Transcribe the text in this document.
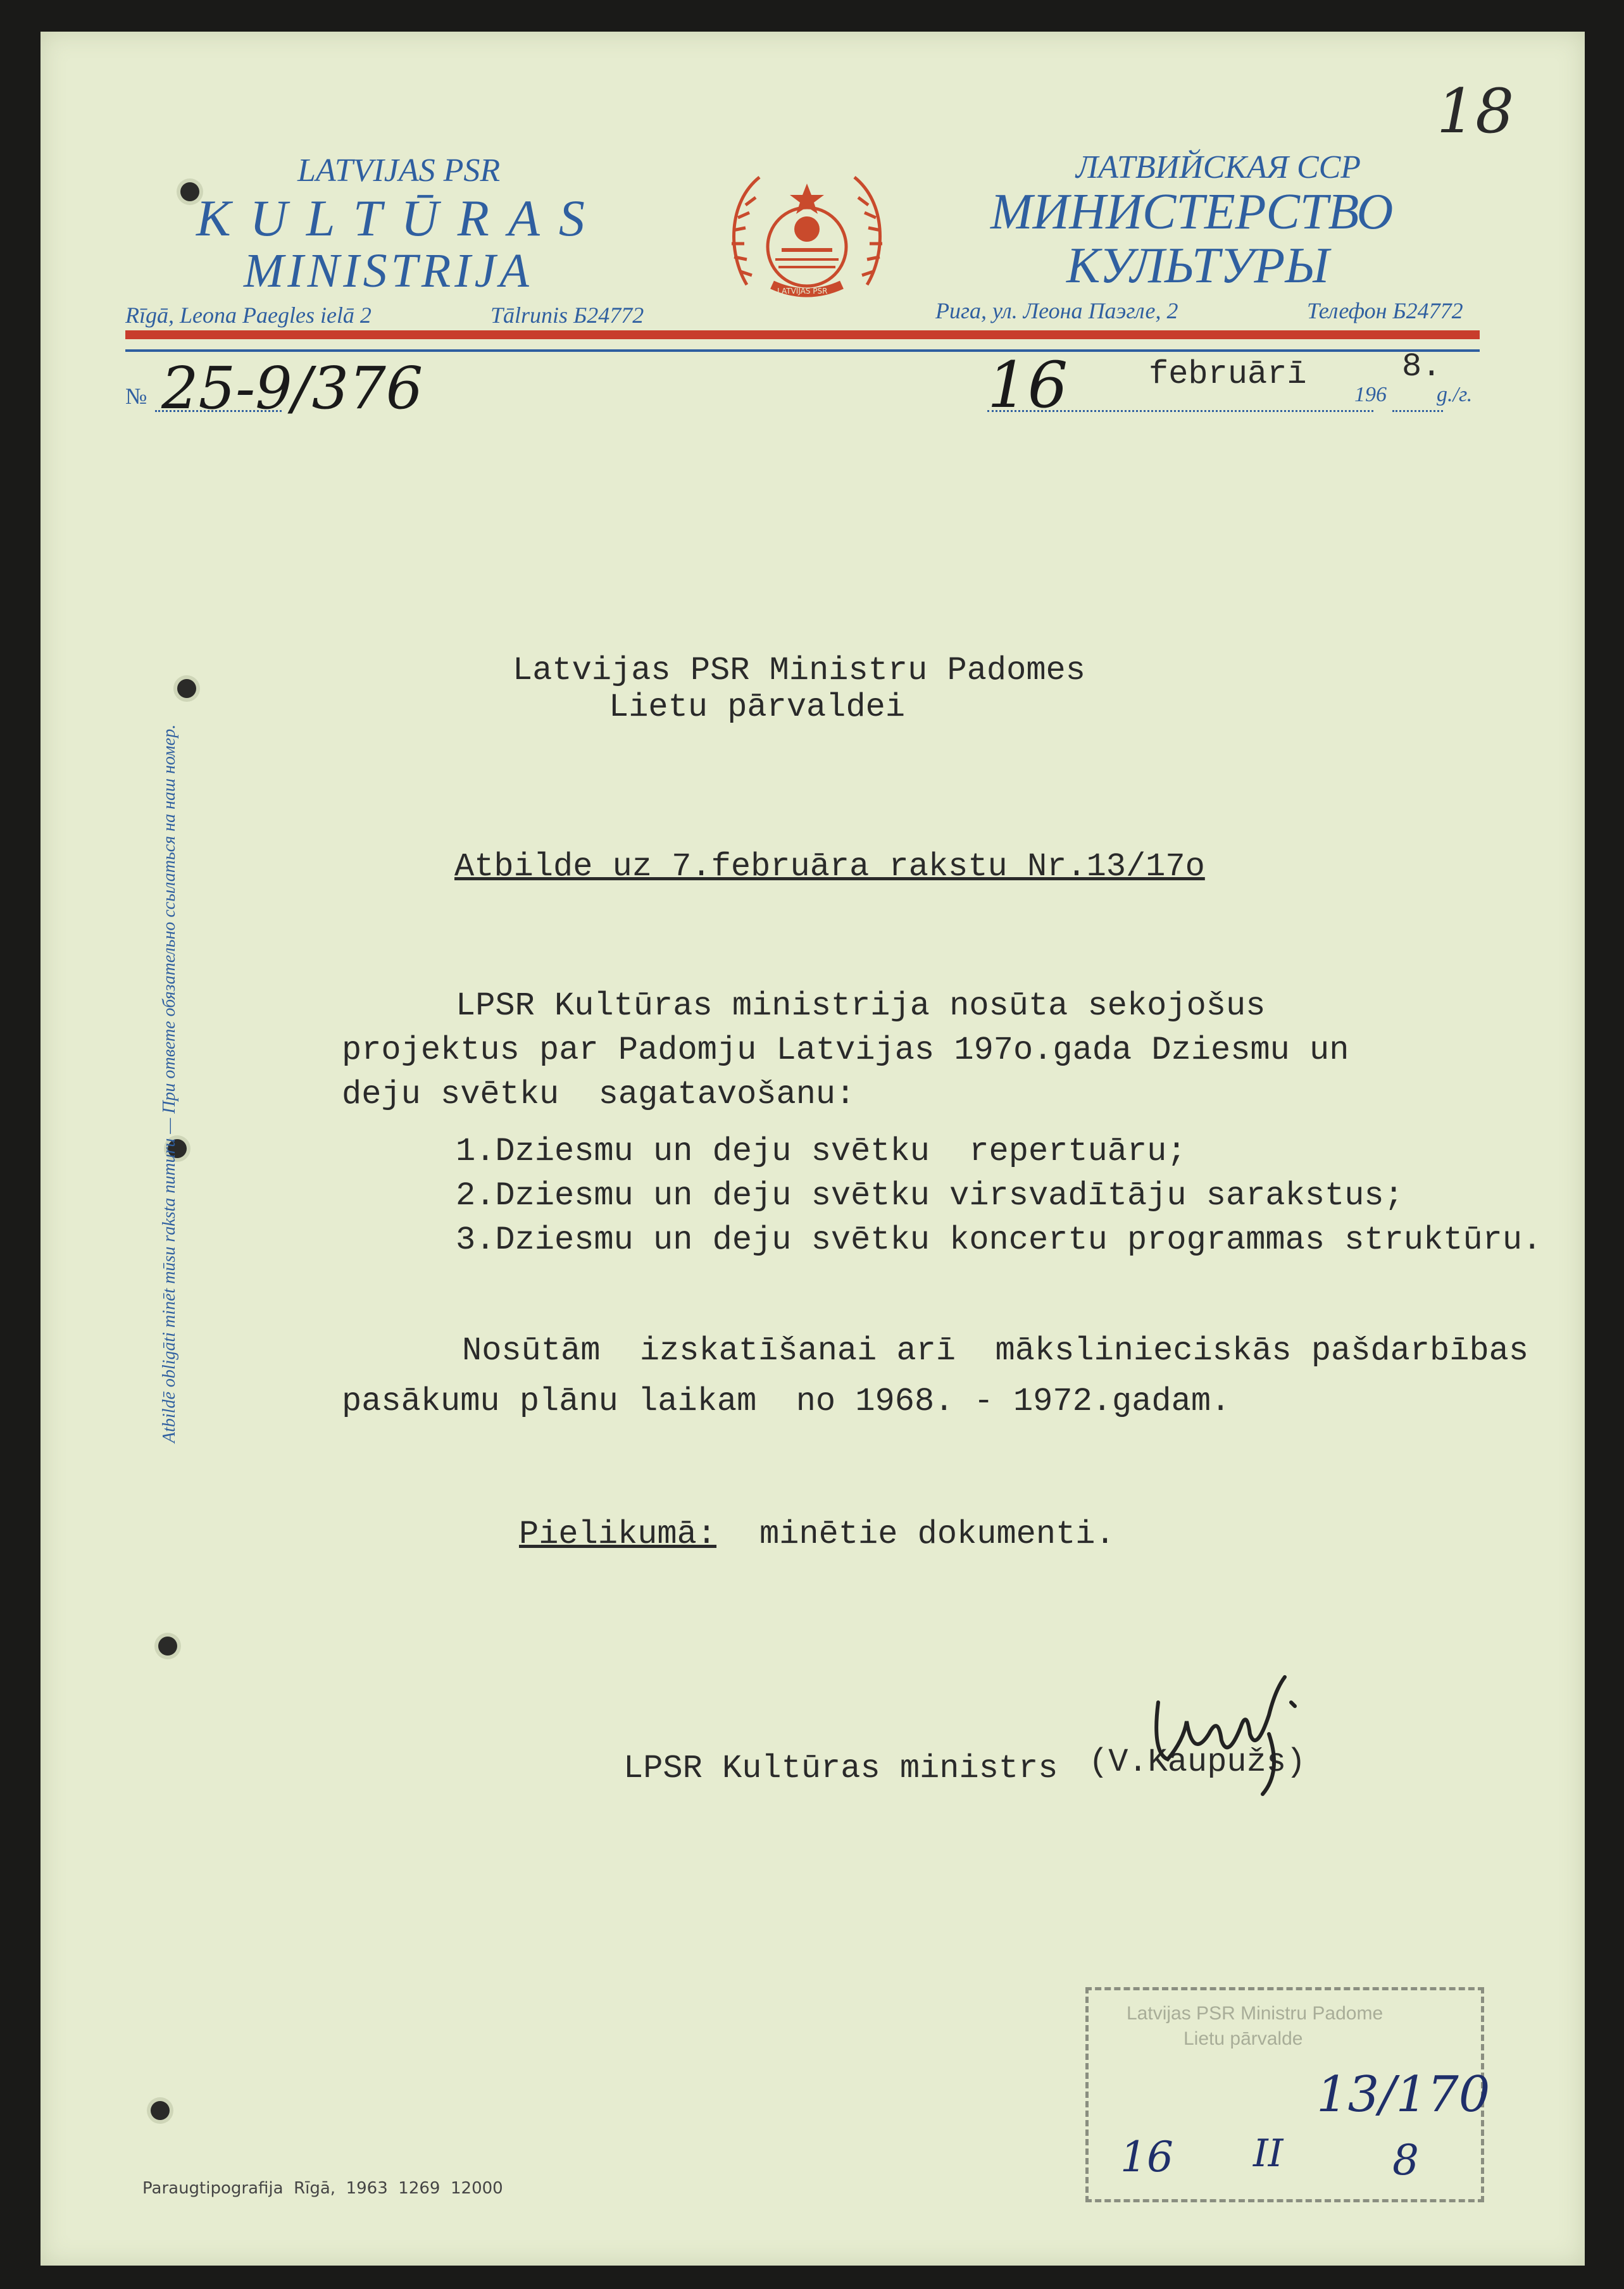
18
LATVIJAS PSR
KULTŪRAS
MINISTRIJA
Rīgā, Leona Paegles ielā 2	Tālrunis Б24772
LATVIJAS PSR
ЛАТВИЙСКАЯ ССР
МИНИСТЕРСТВО
КУЛЬТУРЫ
Рига, ул. Леона Паэгле, 2	Телефон Б24772
№ 25-9/376	16 februārī
196
8.
g./г.
Atbildē obligāti minēt mūsu raksta numuru — При ответе обязательно ссылаться на наш номер.
Latvijas PSR Ministru Padomes
Lietu pārvaldei
Atbilde uz 7.februāra rakstu Nr.13/17o
LPSR Kultūras ministrija nosūta sekojošus
projektus par Padomju Latvijas 197o.gada Dziesmu un
deju svētku  sagatavošanu:
1.Dziesmu un deju svētku  repertuāru;
2.Dziesmu un deju svētku virsvadītāju sarakstus;
3.Dziesmu un deju svētku koncertu programmas struktūru.
Nosūtām  izskatīšanai arī  mākslinieciskās pašdarbības
pasākumu plānu laikam  no 1968. - 1972.gadam.
Pielikumā: minētie dokumenti.
LPSR Kultūras ministrs (V.Kaupužs)
Latvijas PSR Ministru Padome
Lietu pārvalde
13/170
16 II	8
Paraugtipografija  Rīgā,  1963  1269  12000
